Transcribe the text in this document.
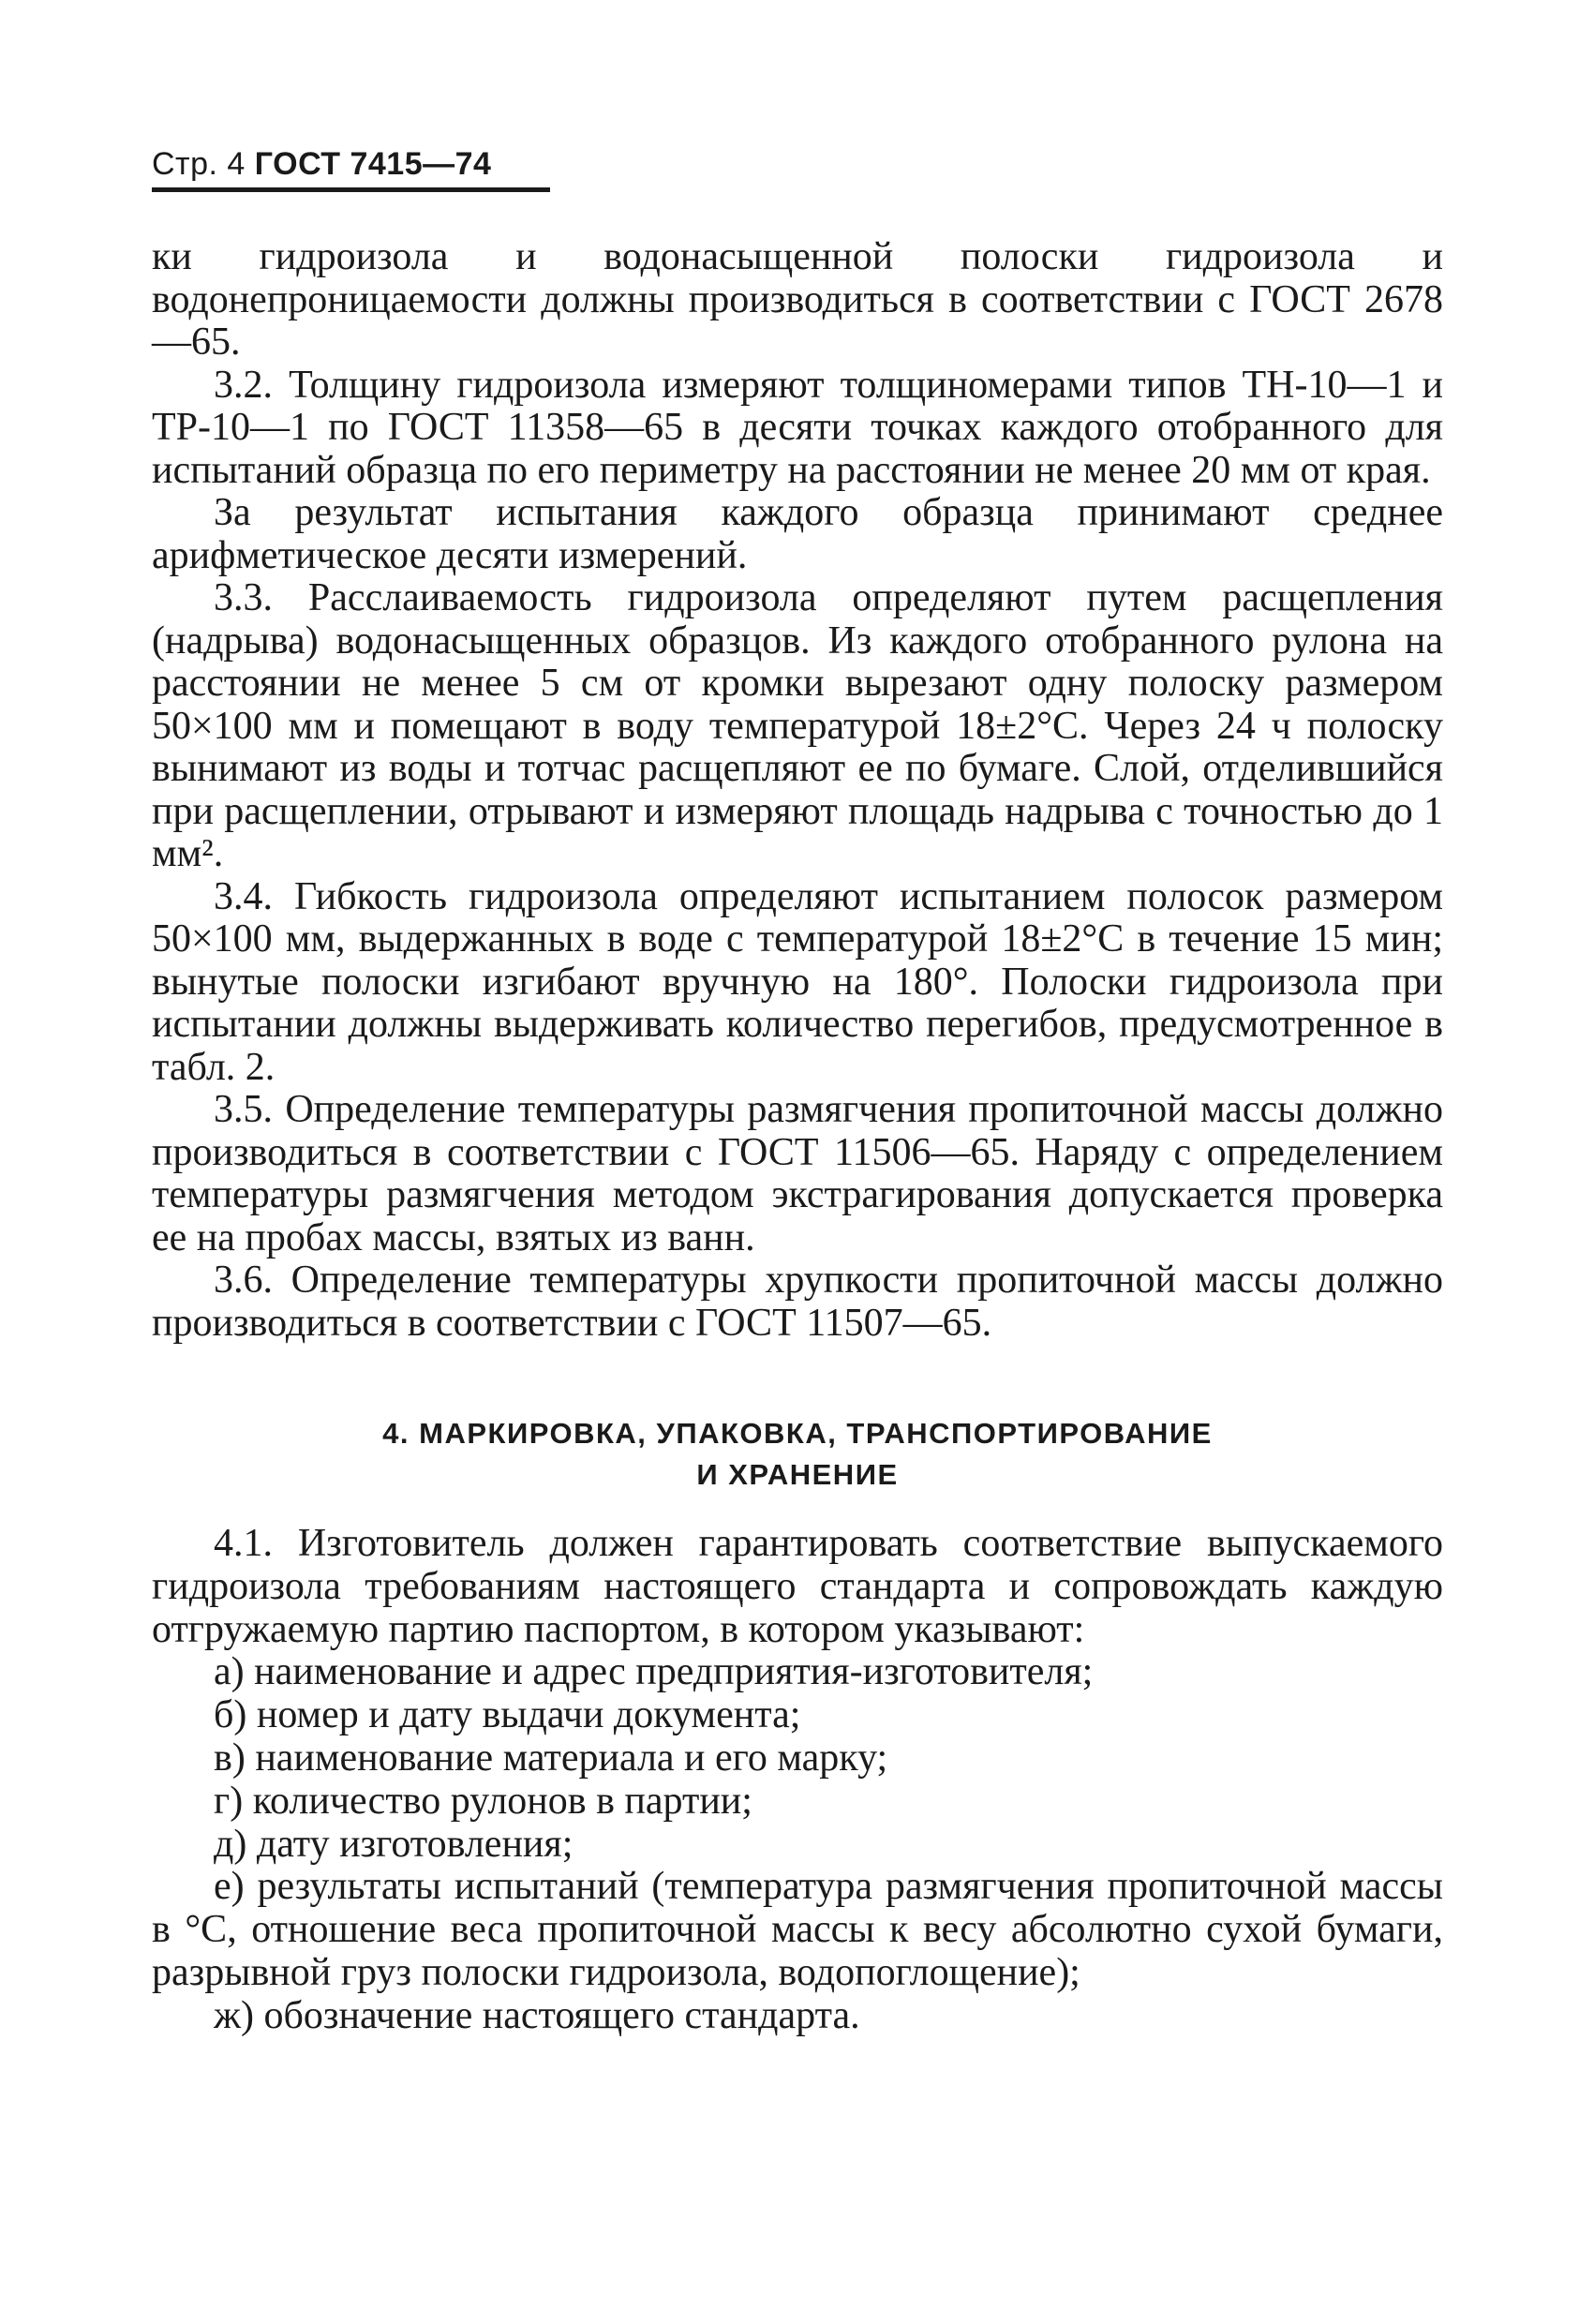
Стр. 4 ГОСТ 7415—74

ки гидроизола и водонасыщенной полоски гидроизола и водонепроницаемости должны производиться в соответствии с ГОСТ 2678—65.

3.2. Толщину гидроизола измеряют толщиномерами типов ТН-10—1 и ТР-10—1 по ГОСТ 11358—65 в десяти точках каждого отобранного для испытаний образца по его периметру на расстоянии не менее 20 мм от края.

За результат испытания каждого образца принимают среднее арифметическое десяти измерений.

3.3. Расслаиваемость гидроизола определяют путем расщепления (надрыва) водонасыщенных образцов. Из каждого отобранного рулона на расстоянии не менее 5 см от кромки вырезают одну полоску размером 50×100 мм и помещают в воду температурой 18±2°С. Через 24 ч полоску вынимают из воды и тотчас расщепляют ее по бумаге. Слой, отделившийся при расщеплении, отрывают и измеряют площадь надрыва с точностью до 1 мм².

3.4. Гибкость гидроизола определяют испытанием полосок размером 50×100 мм, выдержанных в воде с температурой 18±2°С в течение 15 мин; вынутые полоски изгибают вручную на 180°. Полоски гидроизола при испытании должны выдерживать количество перегибов, предусмотренное в табл. 2.

3.5. Определение температуры размягчения пропиточной массы должно производиться в соответствии с ГОСТ 11506—65. Наряду с определением температуры размягчения методом экстрагирования допускается проверка ее на пробах массы, взятых из ванн.

3.6. Определение температуры хрупкости пропиточной массы должно производиться в соответствии с ГОСТ 11507—65.

4. МАРКИРОВКА, УПАКОВКА, ТРАНСПОРТИРОВАНИЕ
И ХРАНЕНИЕ

4.1. Изготовитель должен гарантировать соответствие выпускаемого гидроизола требованиям настоящего стандарта и сопровождать каждую отгружаемую партию паспортом, в котором указывают:

а) наименование и адрес предприятия-изготовителя;

б) номер и дату выдачи документа;

в) наименование материала и его марку;

г) количество рулонов в партии;

д) дату изготовления;

е) результаты испытаний (температура размягчения пропиточной массы в °С, отношение веса пропиточной массы к весу абсолютно сухой бумаги, разрывной груз полоски гидроизола, водопоглощение);

ж) обозначение настоящего стандарта.
